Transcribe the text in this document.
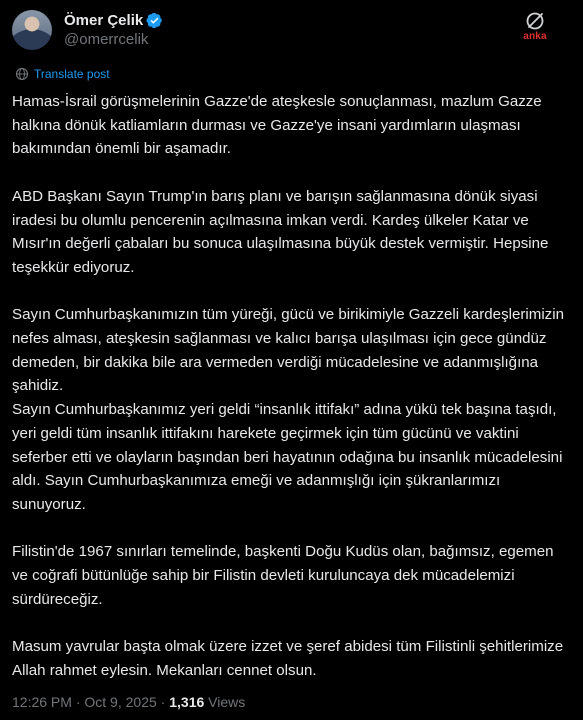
Ömer Çelik
@omerrcelik	anka
Translate post

Hamas-İsrail görüşmelerinin Gazze'de ateşkesle sonuçlanması, mazlum Gazze halkına dönük katliamların durması ve Gazze'ye insani yardımların ulaşması bakımından önemli bir aşamadır.

ABD Başkanı Sayın Trump'ın barış planı ve barışın sağlanmasına dönük siyasi iradesi bu olumlu pencerenin açılmasına imkan verdi. Kardeş ülkeler Katar ve Mısır'ın değerli çabaları bu sonuca ulaşılmasına büyük destek vermiştir. Hepsine teşekkür ediyoruz.

Sayın Cumhurbaşkanımızın tüm yüreği, gücü ve birikimiyle Gazzeli kardeşlerimizin nefes alması, ateşkesin sağlanması ve kalıcı barışa ulaşılması için gece gündüz demeden, bir dakika bile ara vermeden verdiği mücadelesine ve adanmışlığına şahidiz.

Sayın Cumhurbaşkanımız yeri geldi “insanlık ittifakı” adına yükü tek başına taşıdı, yeri geldi tüm insanlık ittifakını harekete geçirmek için tüm gücünü ve vaktini seferber etti ve olayların başından beri hayatının odağına bu insanlık mücadelesini aldı. Sayın Cumhurbaşkanımıza emeği ve adanmışlığı için şükranlarımızı sunuyoruz.

Filistin'de 1967 sınırları temelinde, başkenti Doğu Kudüs olan, bağımsız, egemen ve coğrafi bütünlüğe sahip bir Filistin devleti kuruluncaya dek mücadelemizi sürdüreceğiz.

Masum yavrular başta olmak üzere izzet ve şeref abidesi tüm Filistinli şehitlerimize Allah rahmet eylesin. Mekanları cennet olsun.

12:26 PM · Oct 9, 2025 · 1,316 Views
